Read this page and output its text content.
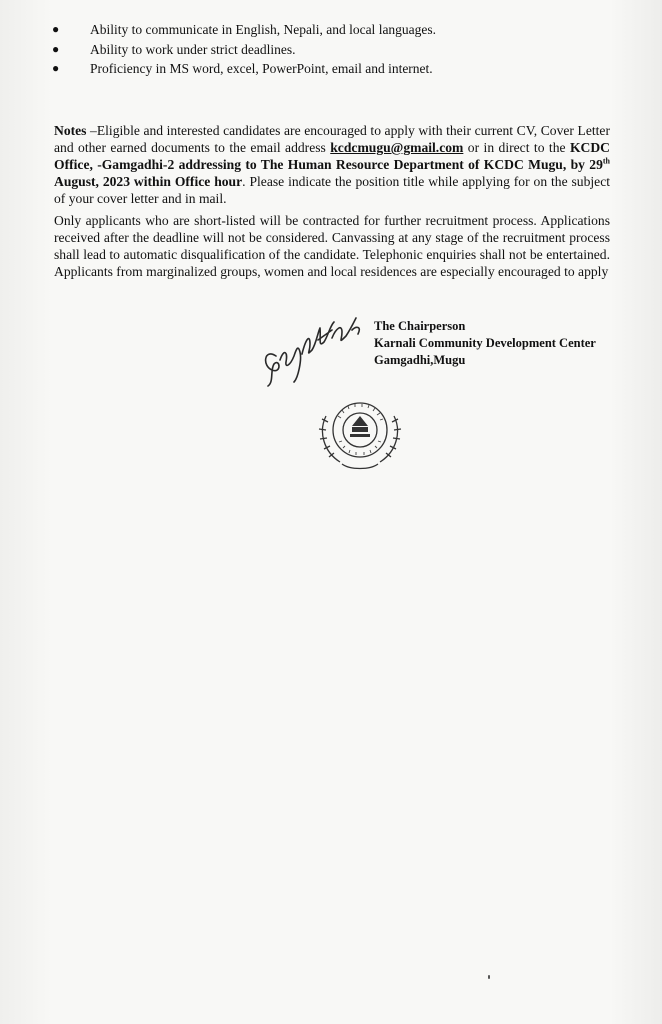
● Ability to communicate in English, Nepali, and local languages.
● Ability to work under strict deadlines.
● Proficiency in MS word, excel, PowerPoint, email and internet.

Notes –Eligible and interested candidates are encouraged to apply with their current CV, Cover Letter and other earned documents to the email address kcdcmugu@gmail.com or in direct to the KCDC Office, -Gamgadhi-2 addressing to The Human Resource Department of KCDC Mugu, by 29th August, 2023 within Office hour. Please indicate the position title while applying for on the subject of your cover letter and in mail.

Only applicants who are short-listed will be contracted for further recruitment process. Applications received after the deadline will not be considered. Canvassing at any stage of the recruitment process shall lead to automatic disqualification of the candidate. Telephonic enquiries shall not be entertained. Applicants from marginalized groups, women and local residences are especially encouraged to apply

The Chairperson
Karnali Community Development Center
Gamgadhi,Mugu
